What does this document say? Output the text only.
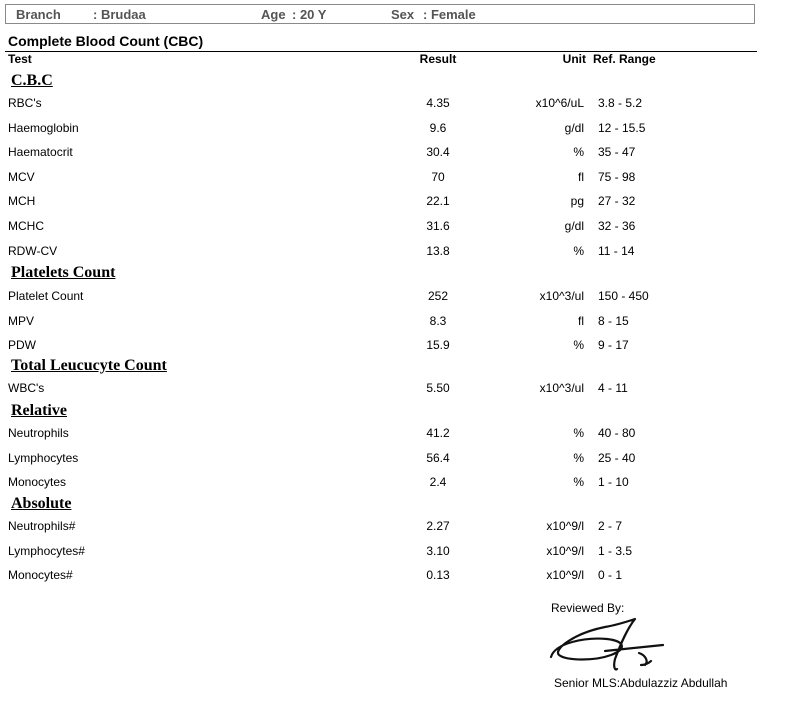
Branch : Brudaa	Age : 20 Y	Sex : Female
Complete Blood Count (CBC)
Test	Result	Unit Ref. Range
C.B.C
RBC's	4.35	x10^6/uL 3.8 - 5.2
Haemoglobin	9.6	g/dl 12 - 15.5
Haematocrit	30.4	% 35 - 47
MCV	70	fl 75 - 98
MCH	22.1	pg 27 - 32
MCHC	31.6	g/dl 32 - 36
RDW-CV	13.8	% 11 - 14
Platelets Count
Platelet Count	252	x10^3/ul 150 - 450
MPV	8.3	fl 8 - 15
PDW	15.9	% 9 - 17
Total Leucucyte Count
WBC's	5.50	x10^3/ul 4 - 11
Relative
Neutrophils	41.2	% 40 - 80
Lymphocytes	56.4	% 25 - 40
Monocytes	2.4	% 1 - 10
Absolute
Neutrophils#	2.27	x10^9/l 2 - 7
Lymphocytes#	3.10	x10^9/l 1 - 3.5
Monocytes#	0.13	x10^9/l 0 - 1
Reviewed By:
Senior MLS:Abdulazziz Abdullah
